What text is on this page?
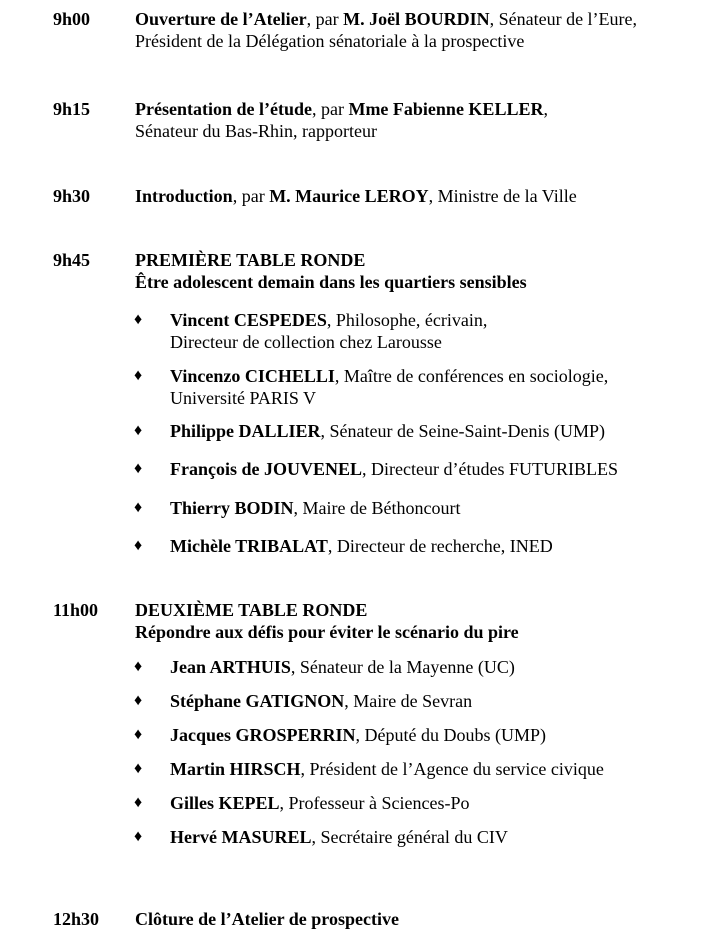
9h00 Ouverture de l’Atelier, par M. Joël BOURDIN, Sénateur de l’Eure,
Président de la Délégation sénatoriale à la prospective
9h15 Présentation de l’étude, par Mme Fabienne KELLER,
Sénateur du Bas-Rhin, rapporteur
9h30 Introduction, par M. Maurice LEROY, Ministre de la Ville
9h45 PREMIÈRE TABLE RONDE
Être adolescent demain dans les quartiers sensibles
♦ Vincent CESPEDES, Philosophe, écrivain,
Directeur de collection chez Larousse
♦ Vincenzo CICHELLI, Maître de conférences en sociologie,
Université PARIS V
♦ Philippe DALLIER, Sénateur de Seine-Saint-Denis (UMP)
♦ François de JOUVENEL, Directeur d’études FUTURIBLES
♦ Thierry BODIN, Maire de Béthoncourt
♦ Michèle TRIBALAT, Directeur de recherche, INED
11h00 DEUXIÈME TABLE RONDE
Répondre aux défis pour éviter le scénario du pire
♦ Jean ARTHUIS, Sénateur de la Mayenne (UC)
♦ Stéphane GATIGNON, Maire de Sevran
♦ Jacques GROSPERRIN, Député du Doubs (UMP)
♦ Martin HIRSCH, Président de l’Agence du service civique
♦ Gilles KEPEL, Professeur à Sciences-Po
♦ Hervé MASUREL, Secrétaire général du CIV
12h30 Clôture de l’Atelier de prospective
